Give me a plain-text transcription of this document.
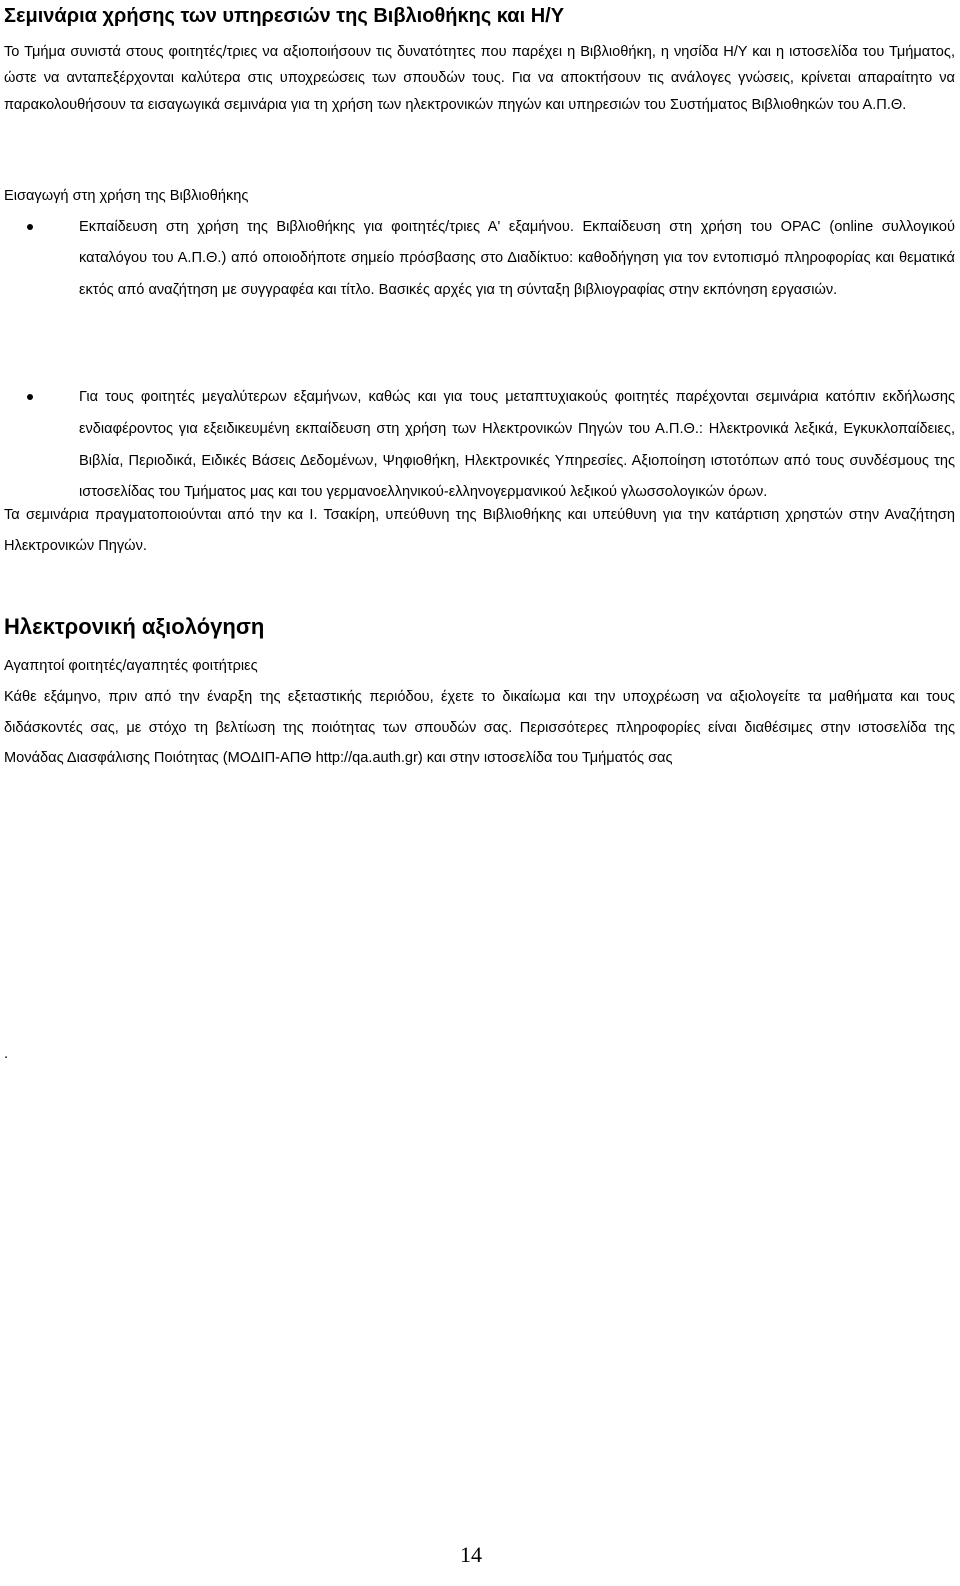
Σεμινάρια χρήσης των υπηρεσιών της Βιβλιοθήκης και Η/Υ

Το Τμήμα συνιστά στους φοιτητές/τριες να αξιοποιήσουν τις δυνατότητες που παρέχει η Βιβλιοθήκη, η νησίδα Η/Υ και η ιστοσελίδα του Τμήματος, ώστε να ανταπεξέρχονται καλύτερα στις υποχρεώσεις των σπουδών τους. Για να αποκτήσουν τις ανάλογες γνώσεις, κρίνεται απαραίτητο να παρακολουθήσουν τα εισαγωγικά σεμινάρια για τη χρήση των ηλεκτρονικών πηγών και υπηρεσιών του Συστήματος Βιβλιοθηκών του Α.Π.Θ.

Εισαγωγή στη χρήση της Βιβλιοθήκης

Εκπαίδευση στη χρήση της Βιβλιοθήκης για φοιτητές/τριες Α' εξαμήνου. Εκπαίδευση στη χρήση του OPAC (online συλλογικού καταλόγου του Α.Π.Θ.) από οποιοδήποτε σημείο πρόσβασης στο Διαδίκτυο: καθοδήγηση για τον εντοπισμό πληροφορίας και θεματικά εκτός από αναζήτηση με συγγραφέα και τίτλο. Βασικές αρχές για τη σύνταξη βιβλιογραφίας στην εκπόνηση εργασιών.
Για τους φοιτητές μεγαλύτερων εξαμήνων, καθώς και για τους μεταπτυχιακούς φοιτητές παρέχονται σεμινάρια κατόπιν εκδήλωσης ενδιαφέροντος για εξειδικευμένη εκπαίδευση στη χρήση των Ηλεκτρονικών Πηγών του Α.Π.Θ.: Ηλεκτρονικά λεξικά, Εγκυκλοπαίδειες, Βιβλία, Περιοδικά, Ειδικές Βάσεις Δεδομένων, Ψηφιοθήκη, Ηλεκτρονικές Υπηρεσίες. Αξιοποίηση ιστοτόπων από τους συνδέσμους της ιστοσελίδας του Τμήματος μας και του γερμανοελληνικού-ελληνογερμανικού λεξικού γλωσσολογικών όρων.

Τα σεμινάρια πραγματοποιούνται από την κα Ι. Τσακίρη, υπεύθυνη της Βιβλιοθήκης και υπεύθυνη για την κατάρτιση χρηστών στην Αναζήτηση Ηλεκτρονικών Πηγών.

Ηλεκτρονική αξιολόγηση

Αγαπητοί φοιτητές/αγαπητές φοιτήτριες

Κάθε εξάμηνο, πριν από την έναρξη της εξεταστικής περιόδου, έχετε το δικαίωμα και την υποχρέωση να αξιολογείτε τα μαθήματα και τους διδάσκοντές σας, με στόχο τη βελτίωση της ποιότητας των σπουδών σας. Περισσότερες πληροφορίες είναι διαθέσιμες στην ιστοσελίδα της Μονάδας Διασφάλισης Ποιότητας (ΜΟΔΙΠ-ΑΠΘ http://qa.auth.gr) και στην ιστοσελίδα του Τμήματός σας

.

14
